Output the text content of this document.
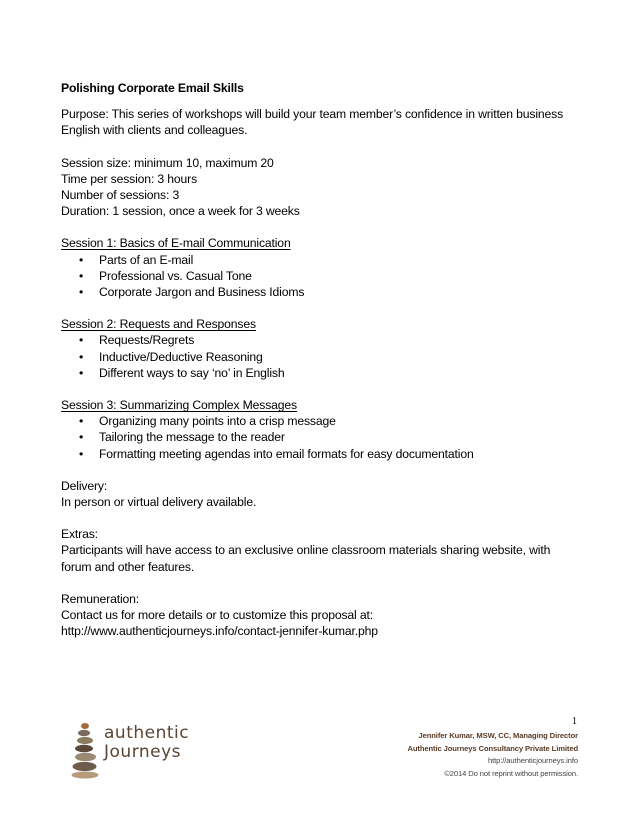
Polishing Corporate Email Skills

Purpose: This series of workshops will build your team member’s confidence in written business English with clients and colleagues.

Session size: minimum 10, maximum 20

Time per session: 3 hours

Number of sessions: 3

Duration: 1 session, once a week for 3 weeks

Session 1: Basics of E-mail Communication

• Parts of an E-mail
• Professional vs. Casual Tone
• Corporate Jargon and Business Idioms

Session 2: Requests and Responses

• Requests/Regrets
• Inductive/Deductive Reasoning
• Different ways to say ‘no’ in English

Session 3: Summarizing Complex Messages

• Organizing many points into a crisp message
• Tailoring the message to the reader
• Formatting meeting agendas into email formats for easy documentation

Delivery:

In person or virtual delivery available.

Extras:

Participants will have access to an exclusive online classroom materials sharing website, with forum and other features.

Remuneration:

Contact us for more details or to customize this proposal at:

http://www.authenticjourneys.info/contact-jennifer-kumar.php

authentic
Journeys
1
Jennifer Kumar, MSW, CC, Managing Director
Authentic Journeys Consultancy Private Limited
http://authenticjourneys.info
©2014 Do not reprint without permission.
